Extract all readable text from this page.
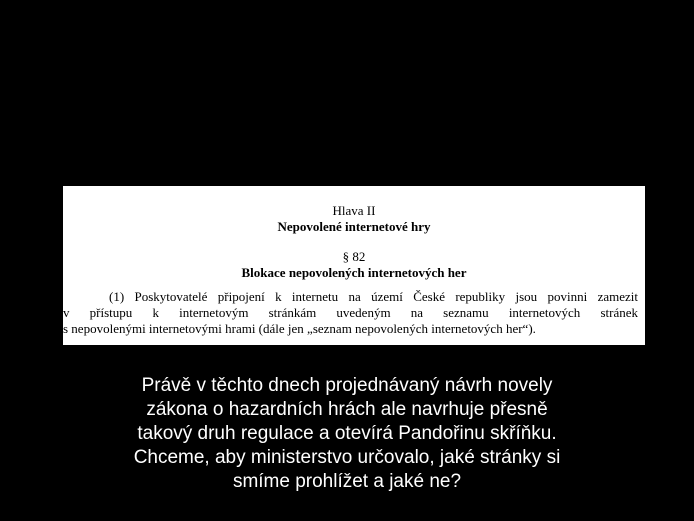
Hlava II
Nepovolené internetové hry
§ 82
Blokace nepovolených internetových her
(1) Poskytovatelé připojení k internetu na území České republiky jsou povinni zamezit
v přístupu k internetovým stránkám uvedeným na seznamu internetových stránek
s nepovolenými internetovými hrami (dále jen „seznam nepovolených internetových her“).
Právě v těchto dnech projednávaný návrh novely
zákona o hazardních hrách ale navrhuje přesně
takový druh regulace a otevírá Pandořinu skříňku.
Chceme, aby ministerstvo určovalo, jaké stránky si
smíme prohlížet a jaké ne?
